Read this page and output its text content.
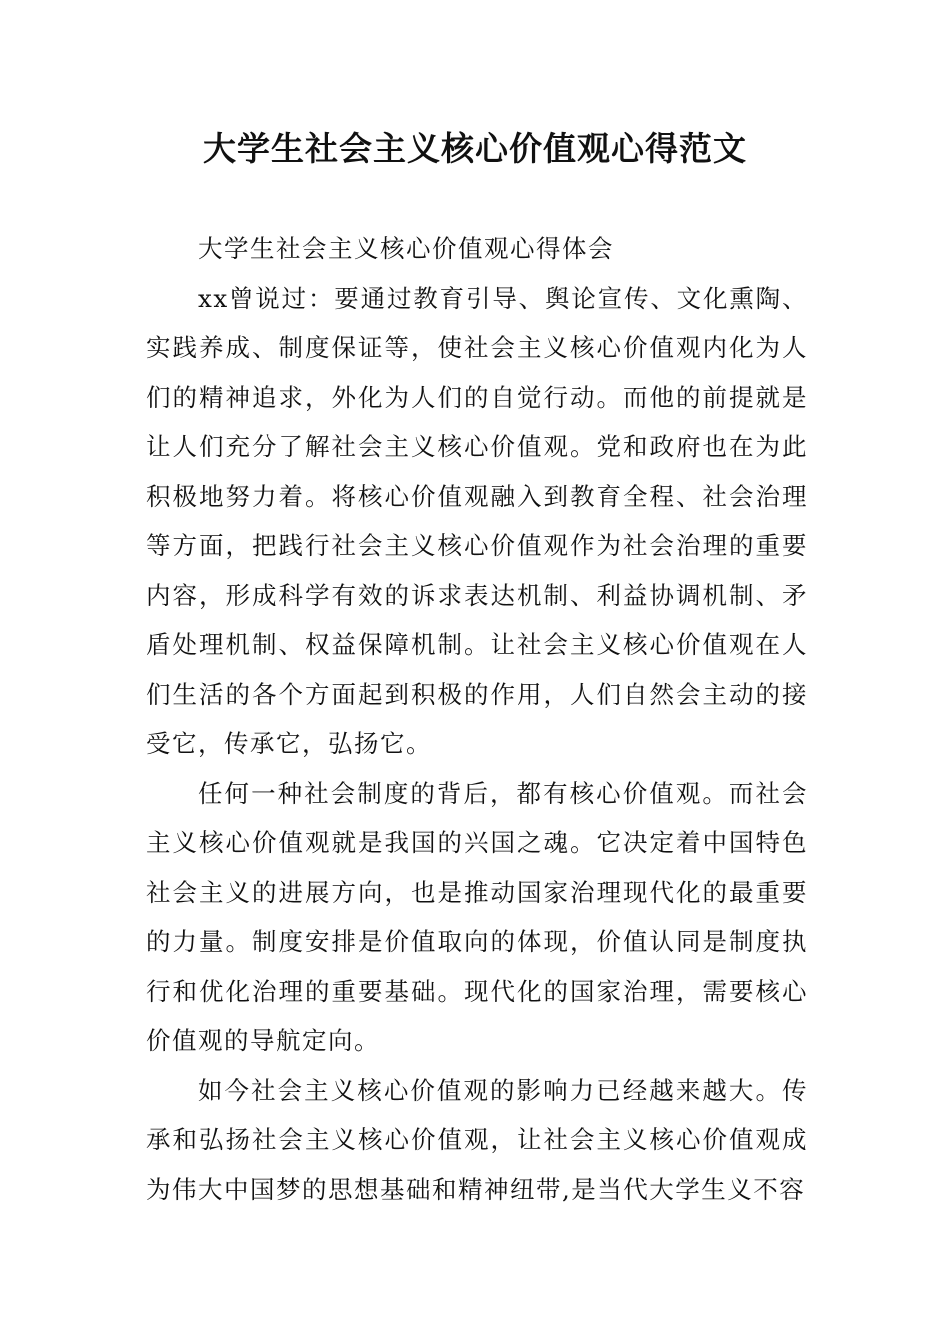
大学生社会主义核心价值观心得范文

大学生社会主义核心价值观心得体会

xx曾说过：要通过教育引导、舆论宣传、文化熏陶、实践养成、制度保证等，使社会主义核心价值观内化为人们的精神追求，外化为人们的自觉行动。而他的前提就是让人们充分了解社会主义核心价值观。党和政府也在为此积极地努力着。将核心价值观融入到教育全程、社会治理等方面，把践行社会主义核心价值观作为社会治理的重要内容，形成科学有效的诉求表达机制、利益协调机制、矛盾处理机制、权益保障机制。让社会主义核心价值观在人们生活的各个方面起到积极的作用，人们自然会主动的接受它，传承它，弘扬它。

任何一种社会制度的背后，都有核心价值观。而社会主义核心价值观就是我国的兴国之魂。它决定着中国特色社会主义的进展方向，也是推动国家治理现代化的最重要的力量。制度安排是价值取向的体现，价值认同是制度执行和优化治理的重要基础。现代化的国家治理，需要核心价值观的导航定向。

如今社会主义核心价值观的影响力已经越来越大。传承和弘扬社会主义核心价值观，让社会主义核心价值观成为伟大中国梦的思想基础和精神纽带,是当代大学生义不容
